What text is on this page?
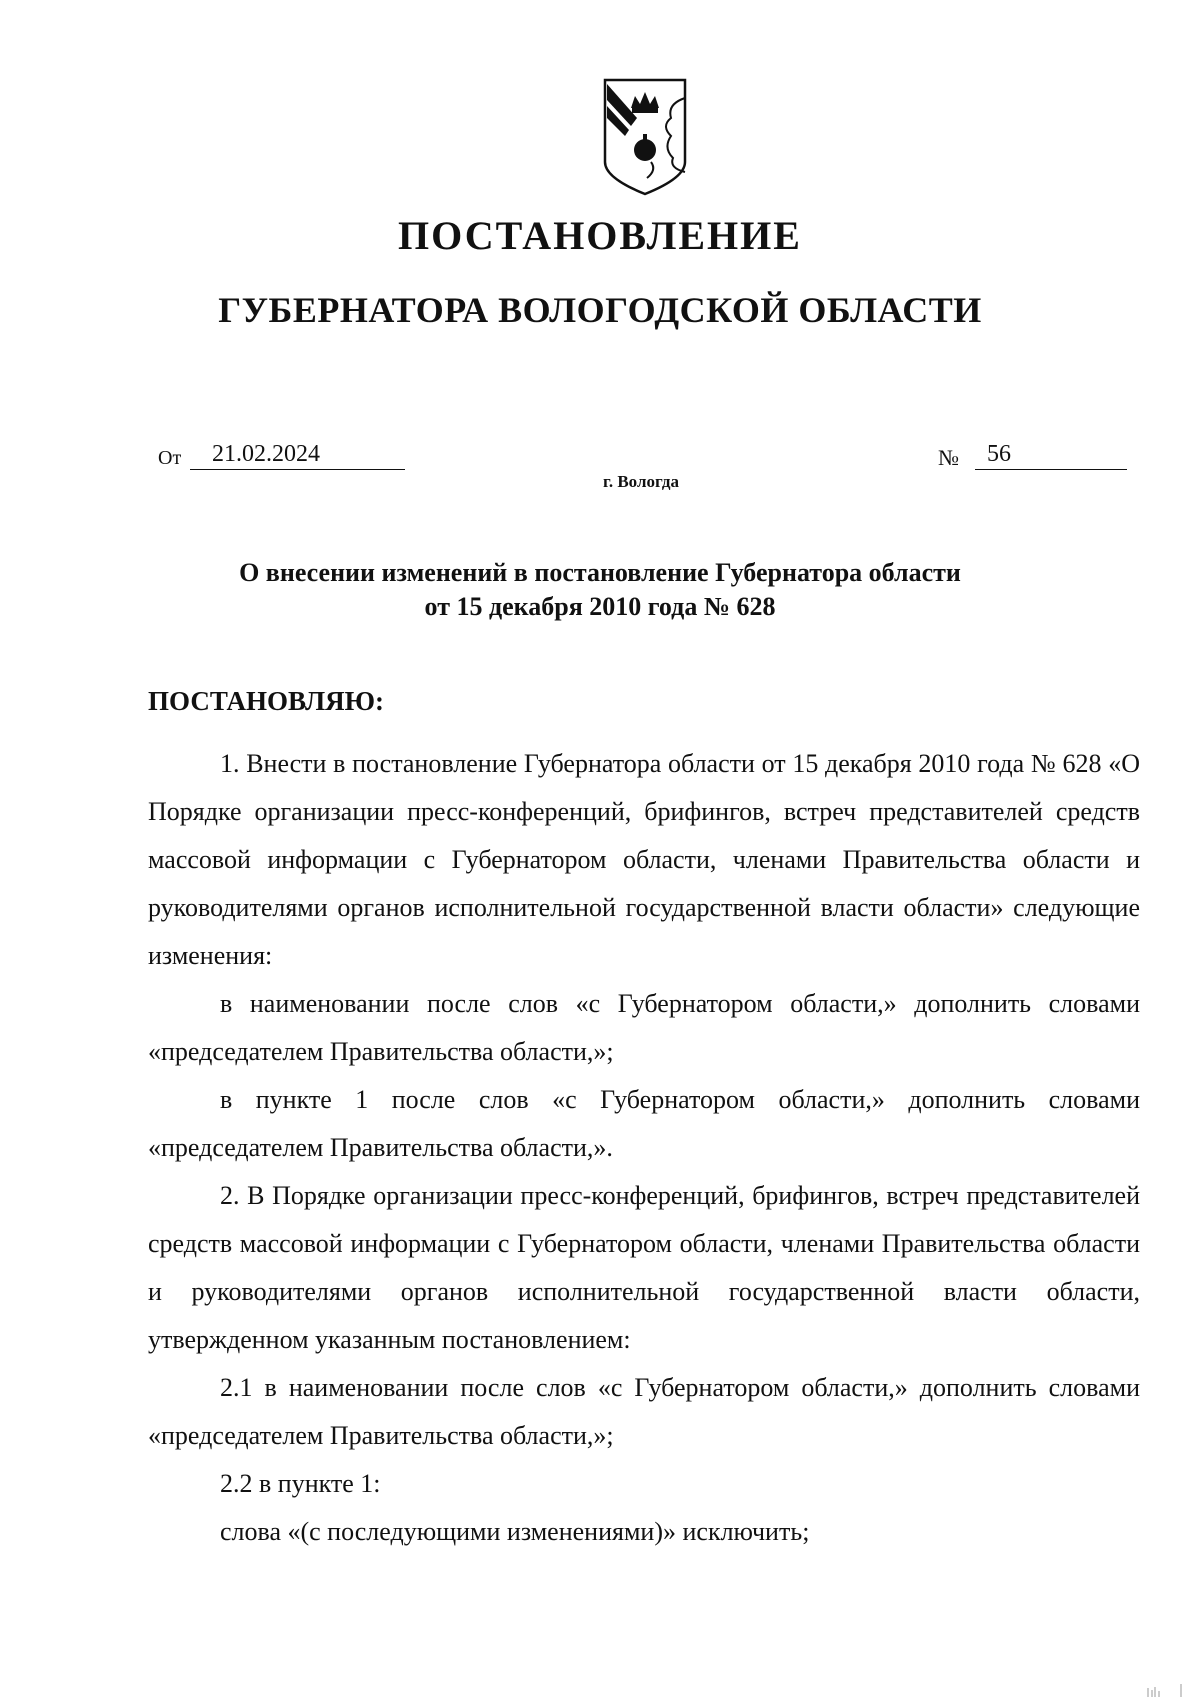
ПОСТАНОВЛЕНИЕ
ГУБЕРНАТОРА ВОЛОГОДСКОЙ ОБЛАСТИ
От	21.02.2024	№	56
г. Вологда
О внесении изменений в постановление Губернатора области
от 15 декабря 2010 года № 628
ПОСТАНОВЛЯЮ:

1. Внести в постановление Губернатора области от 15 декабря 2010 года № 628 «О Порядке организации пресс-конференций, брифингов, встреч представителей средств массовой информации с Губернатором области, членами Правительства области и руководителями органов исполнительной государственной власти области» следующие изменения:

в наименовании после слов «с Губернатором области,» дополнить словами «председателем Правительства области,»;

в пункте 1 после слов «с Губернатором области,» дополнить словами «председателем Правительства области,».

2. В Порядке организации пресс-конференций, брифингов, встреч представителей средств массовой информации с Губернатором области, членами Правительства области и руководителями органов исполнительной государственной власти области, утвержденном указанным постановлением:

2.1 в наименовании после слов «с Губернатором области,» дополнить словами «председателем Правительства области,»;

2.2 в пункте 1:

слова «(с последующими изменениями)» исключить;
